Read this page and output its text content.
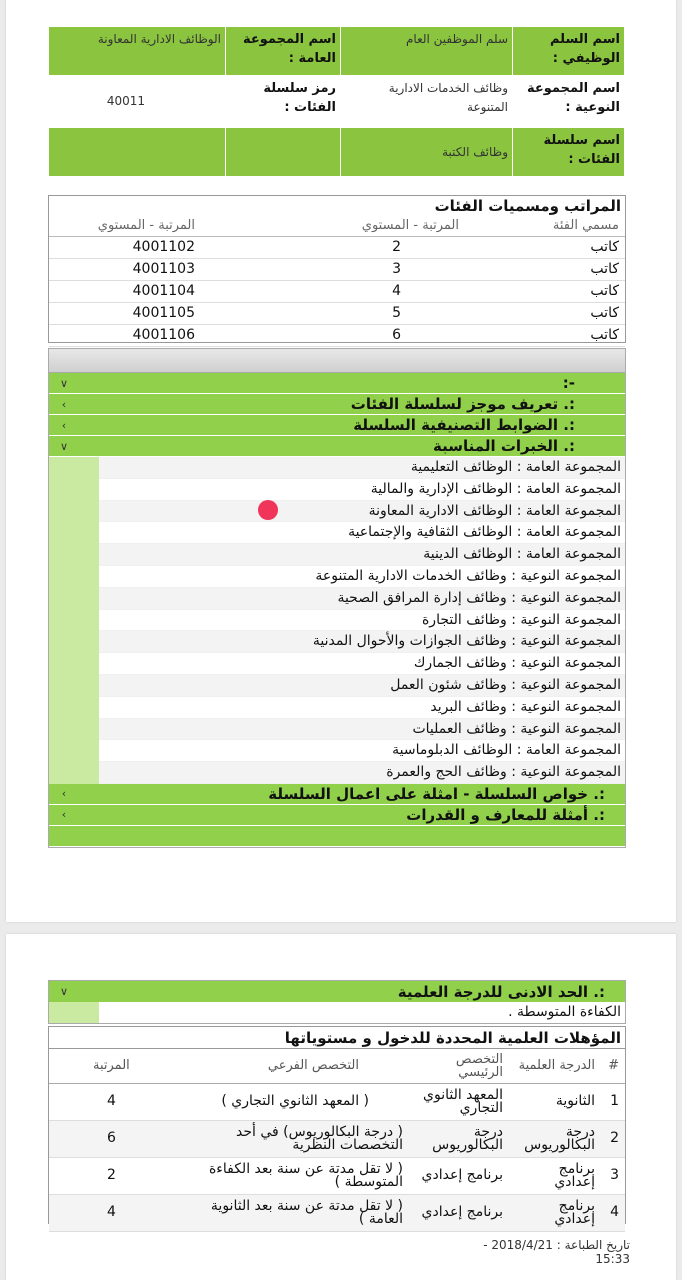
اسم السلم الوظيفي :	سلم الموظفين العام	اسم المجموعة العامة :	الوظائف الادارية المعاونة
اسم المجموعة النوعية :	وظائف الخدمات الادارية المتنوعة	رمز سلسلة الفئات :	40011
اسم سلسلة الفئات :	وظائف الكتبة		
المراتب ومسميات الفئات
مسمي الفئة	المرتبة - المستوي	المرتبة - المستوي
كاتب	2	4001102
كاتب	3	4001103
كاتب	4	4001104
كاتب	5	4001105
كاتب	6	4001106
-:
∨
:. تعريف موجز لسلسلة الفئات
›
:. الضوابط التصنيفية السلسلة
›
:. الخبرات المناسبة
∨
المجموعة العامة : الوظائف التعليمية
المجموعة العامة : الوظائف الإدارية والمالية
المجموعة العامة : الوظائف الادارية المعاونة
المجموعة العامة : الوظائف الثقافية والإجتماعية
المجموعة العامة : الوظائف الدينية
المجموعة النوعية : وظائف الخدمات الادارية المتنوعة
المجموعة النوعية : وظائف إدارة المرافق الصحية
المجموعة النوعية : وظائف التجارة
المجموعة النوعية : وظائف الجوازات والأحوال المدنية
المجموعة النوعية : وظائف الجمارك
المجموعة النوعية : وظائف شئون العمل
المجموعة النوعية : وظائف البريد
المجموعة النوعية : وظائف العمليات
المجموعة العامة : الوظائف الدبلوماسية
المجموعة النوعية : وظائف الحج والعمرة
:. خواص السلسلة - امثلة على اعمال السلسلة
›
:. أمثلة للمعارف و القدرات
›
:. الحد الادنى للدرجة العلمية
∨
الكفاءة المتوسطة .
المؤهلات العلمية المحددة للدخول و مستوياتها
#	الدرجة العلمية	التخصص الرئيسي	التخصص الفرعي	المرتبة
1	الثانوية	المعهد الثانوي التجاري	( المعهد الثانوي التجاري )	4
2	درجة البكالوريوس	درجة البكالوريوس	( درجة البكالوريوس) في أحد التخصصات النظرية	6
3	برنامج إعدادي	برنامج إعدادي	( لا تقل مدتة عن سنة بعد الكفاءة المتوسطة )	2
4	برنامج إعدادي	برنامج إعدادي	( لا تقل مدتة عن سنة بعد الثانوية العامة )	4
تاريخ الطباعة : 2018/4/21 - 15:33
